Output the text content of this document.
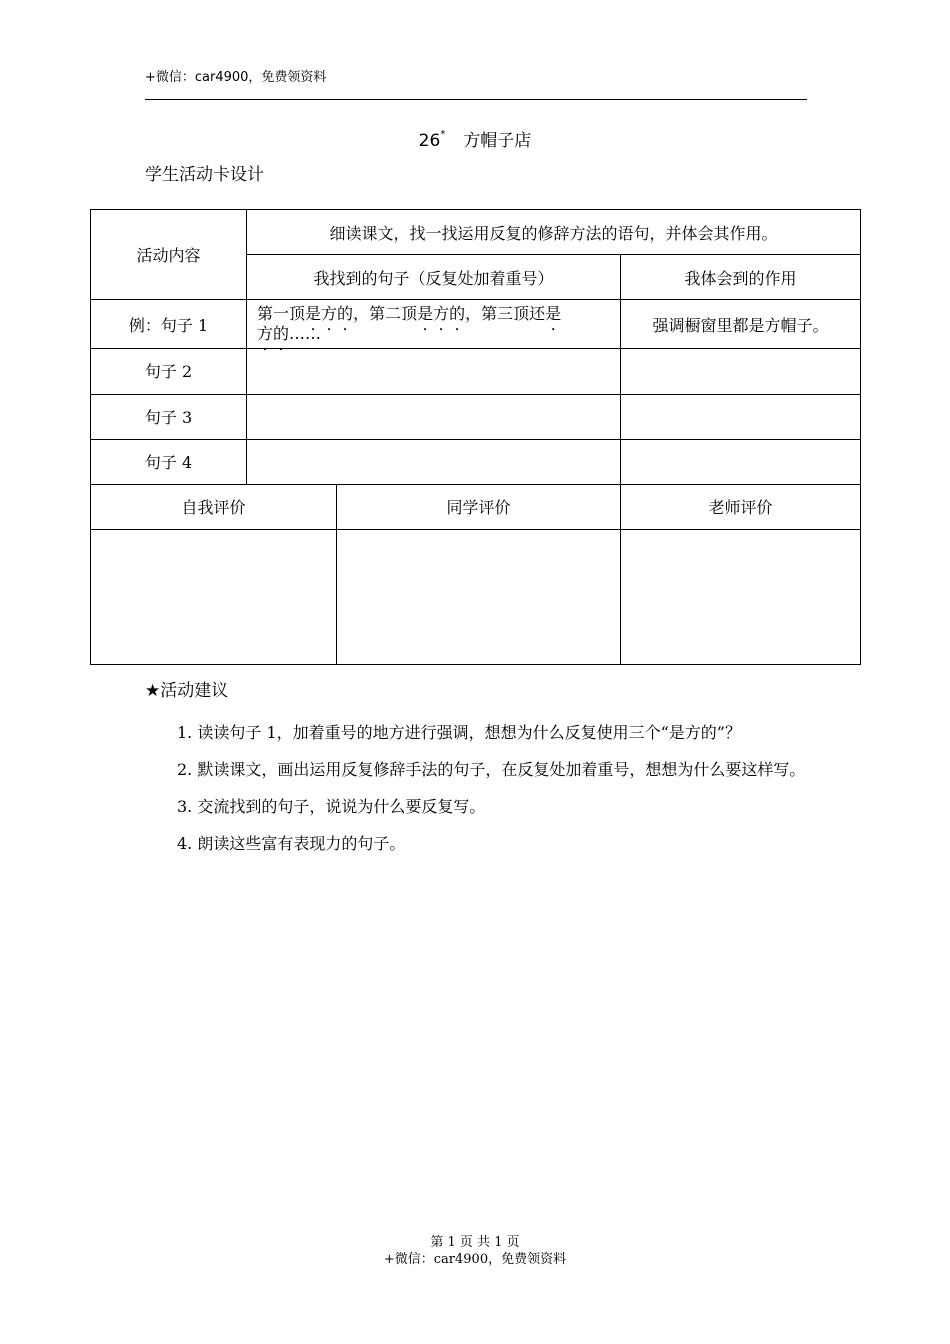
+微信：car4900，免费领资料
26* 方帽子店
学生活动卡设计
活动内容	细读课文，找一找运用反复的修辞方法的语句，并体会其作用。		
	我找到的句子（反复处加着重号）		我体会到的作用
例：句子 1	第一顶是方的，第二顶是方的，第三顶还是
方的……		强调橱窗里都是方帽子。
句子 2			
句子 3			
句子 4			
自我评价		同学评价	老师评价

★活动建议

1. 读读句子 1，加着重号的地方进行强调，想想为什么反复使用三个“是方的”？

2. 默读课文，画出运用反复修辞手法的句子，在反复处加着重号，想想为什么要这样写。

3. 交流找到的句子，说说为什么要反复写。

4. 朗读这些富有表现力的句子。

第 1 页 共 1 页
+微信：car4900，免费领资料
